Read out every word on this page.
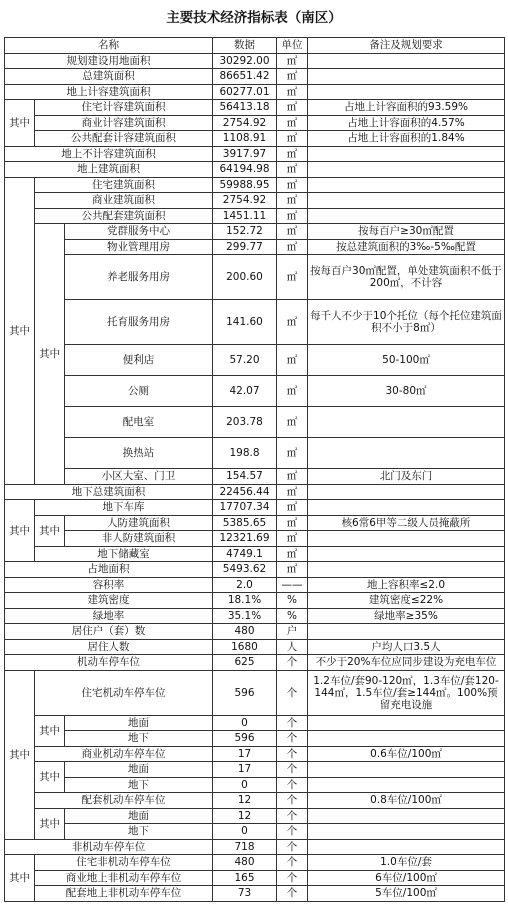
主要技术经济指标表（南区）
名称			数据	单位	备注及规划要求
规划建设用地面积			30292.00	㎡	
总建筑面积			86651.42	㎡	
地上计容建筑面积			60277.01	㎡	
其中	住宅计容建筑面积		56413.18	㎡	占地上计容面积的93.59%
	商业计容建筑面积		2754.92	㎡	占地上计容面积的4.57%
	公共配套计容建筑面积		1108.91	㎡	占地上计容面积的1.84%
地上不计容建筑面积			3917.97	㎡	
地上建筑面积			64194.98	㎡	
其中	住宅建筑面积		59988.95	㎡	
	商业建筑面积		2754.92	㎡	
	公共配套建筑面积		1451.11	㎡	
	其中	党群服务中心	152.72	㎡	按每百户≥30㎡配置
		物业管理用房	299.77	㎡	按总建筑面积的3‰-5‰配置
		养老服务用房	200.60	㎡	按每百户30㎡配置，单处建筑面积不低于200㎡，不计容
		托育服务用房	141.60	㎡	每千人不少于10个托位（每个托位建筑面积不小于8㎡）
		便利店	57.20	㎡	50-100㎡
		公厕	42.07	㎡	30-80㎡
		配电室	203.78	㎡	
		换热站	198.8	㎡	
		小区大室、门卫	154.57	㎡	北门及东门
地下总建筑面积			22456.44	㎡	
其中	地下车库		17707.34	㎡	
	其中	人防建筑面积	5385.65	㎡	核6常6甲等二级人员掩蔽所
		非人防建筑面积	12321.69	㎡	
	地下储藏室		4749.1	㎡	
占地面积			5493.62	㎡	
容积率			2.0	——	地上容积率≤2.0
建筑密度			18.1%	%	建筑密度≤22%
绿地率			35.1%	%	绿地率≥35%
居住户（套）数			480	户	
居住人数			1680	人	户均人口3.5人
机动车停车位			625	个	不少于20%车位应同步建设为充电车位
其中	住宅机动车停车位		596	个	1.2车位/套90-120㎡，1.3车位/套120-144㎡，1.5车位/套≥144㎡。100%预留充电设施
	其中	地面	0	个	
		地下	596	个	
	商业机动车停车位		17	个	0.6车位/100㎡
	其中	地面	17	个	
		地下	0	个	
	配套机动车停车位		12	个	0.8车位/100㎡
	其中	地面	12	个	
		地下	0	个	
非机动车停车位			718	个	
其中	住宅非机动车停车位		480	个	1.0车位/套
	商业地上非机动车停车位		165	个	6车位/100㎡
	配套地上非机动车停车位		73	个	5车位/100㎡
